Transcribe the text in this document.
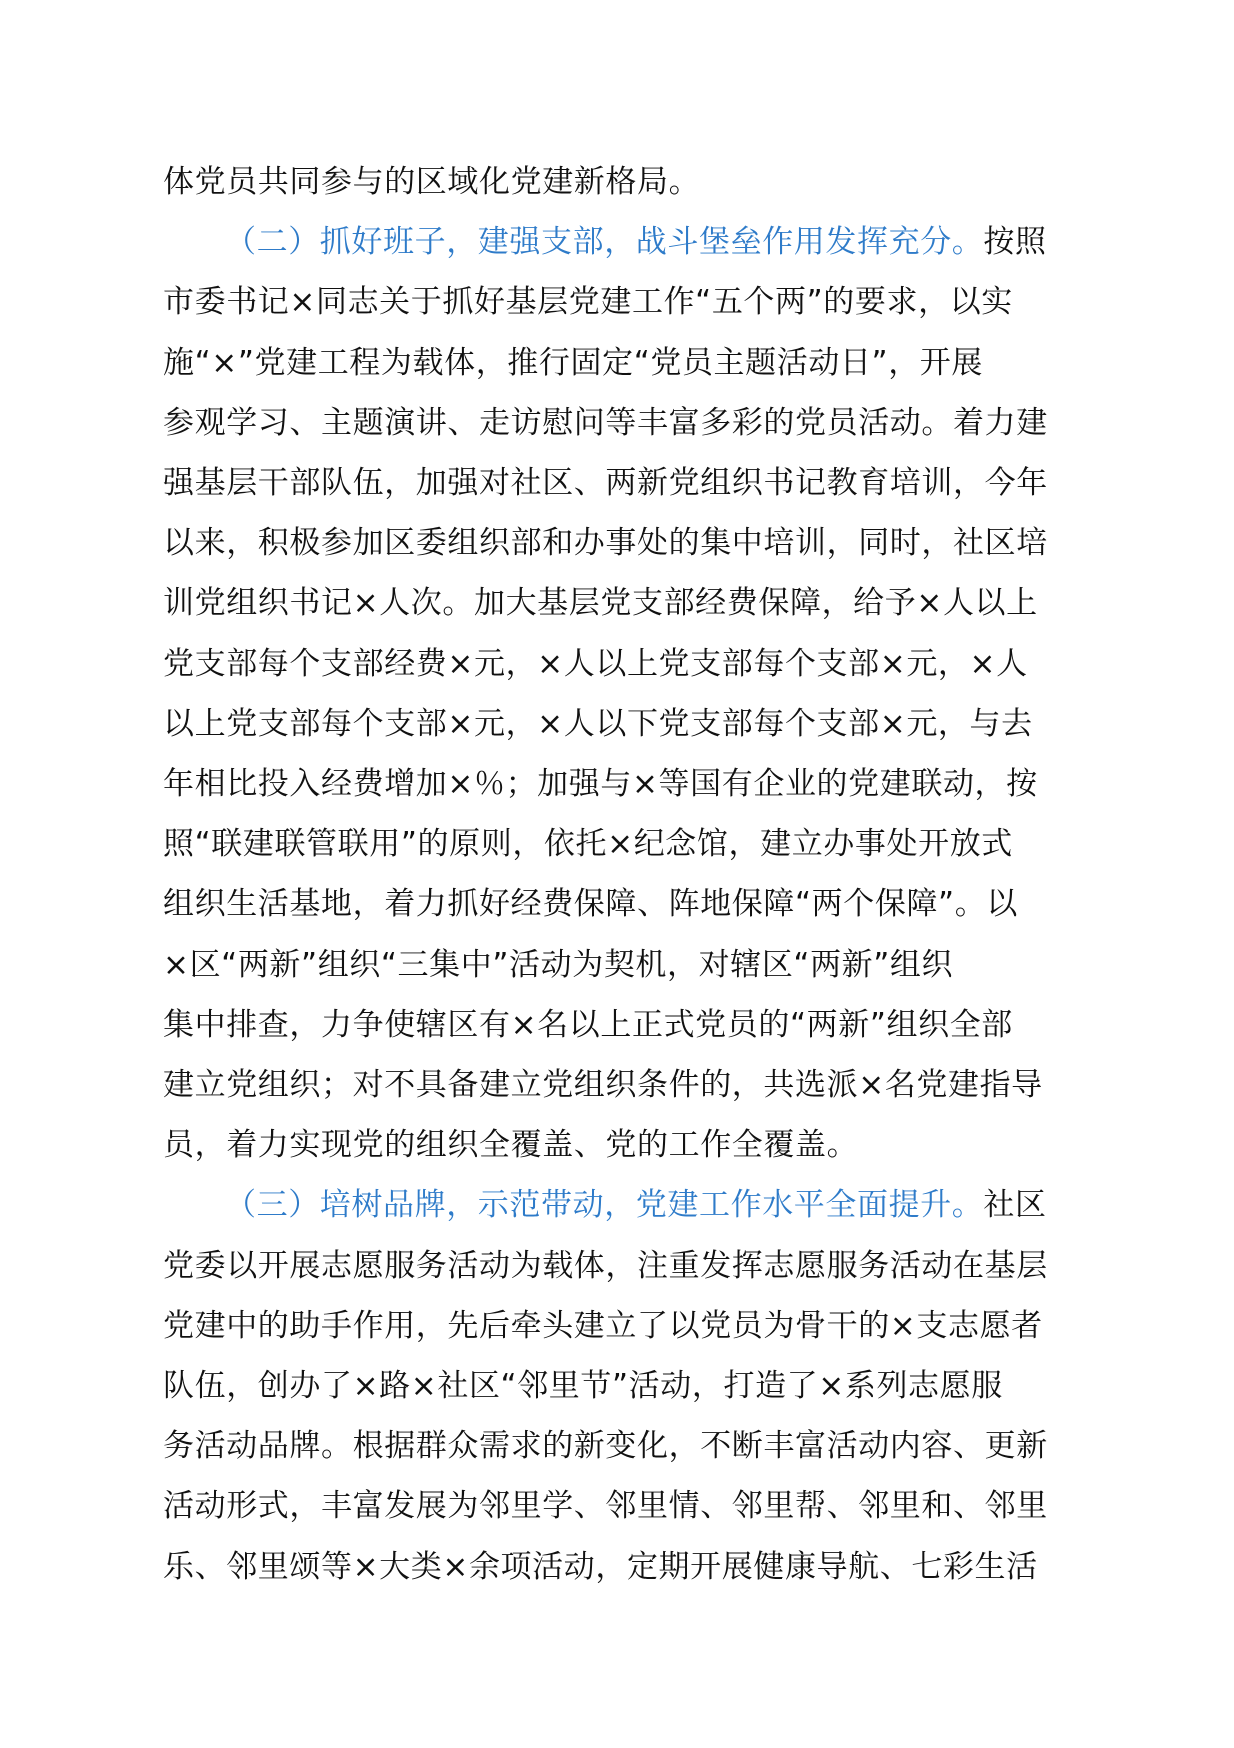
体党员共同参与的区域化党建新格局。

（二）抓好班子，建强支部，战斗堡垒作用发挥充分。按照
市委书记×同志关于抓好基层党建工作“五个两”的要求，以实
施“×”党建工程为载体，推行固定“党员主题活动日”，开展
参观学习、主题演讲、走访慰问等丰富多彩的党员活动。着力建
强基层干部队伍，加强对社区、两新党组织书记教育培训，今年
以来，积极参加区委组织部和办事处的集中培训，同时，社区培
训党组织书记×人次。加大基层党支部经费保障，给予×人以上
党支部每个支部经费×元，×人以上党支部每个支部×元，×人
以上党支部每个支部×元，×人以下党支部每个支部×元，与去
年相比投入经费增加×％；加强与×等国有企业的党建联动，按
照“联建联管联用”的原则，依托×纪念馆，建立办事处开放式
组织生活基地，着力抓好经费保障、阵地保障“两个保障”。以
×区“两新”组织“三集中”活动为契机，对辖区“两新”组织
集中排查，力争使辖区有×名以上正式党员的“两新”组织全部
建立党组织；对不具备建立党组织条件的，共选派×名党建指导
员，着力实现党的组织全覆盖、党的工作全覆盖。

（三）培树品牌，示范带动，党建工作水平全面提升。社区
党委以开展志愿服务活动为载体，注重发挥志愿服务活动在基层
党建中的助手作用，先后牵头建立了以党员为骨干的×支志愿者
队伍，创办了×路×社区“邻里节”活动，打造了×系列志愿服
务活动品牌。根据群众需求的新变化，不断丰富活动内容、更新
活动形式，丰富发展为邻里学、邻里情、邻里帮、邻里和、邻里
乐、邻里颂等×大类×余项活动，定期开展健康导航、七彩生活
